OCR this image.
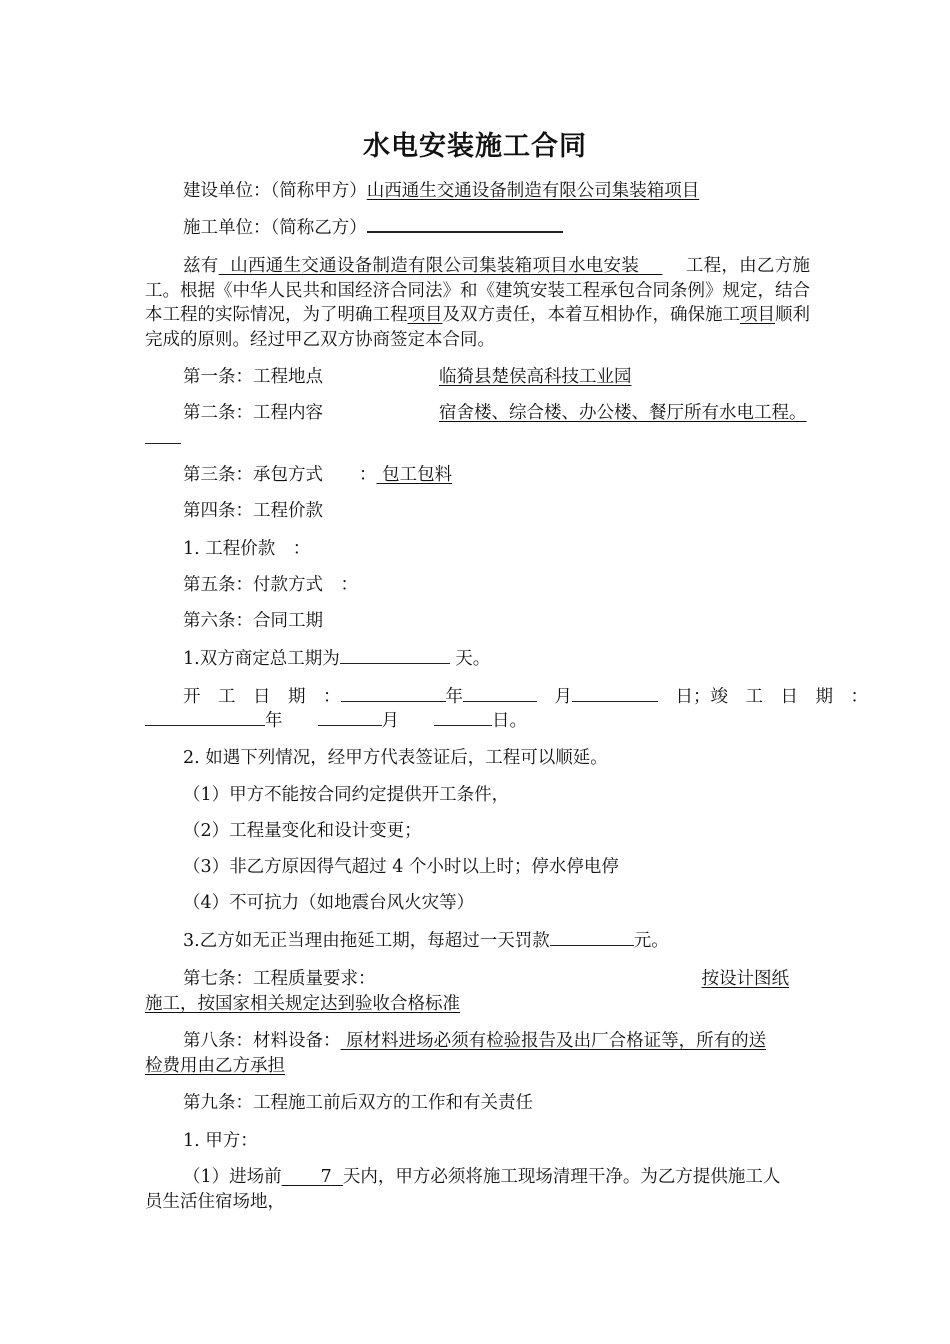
水电安装施工合同
建设单位：（简称甲方）山西通生交通设备制造有限公司集装箱项目
施工单位：（简称乙方）
兹有 山西通生交通设备制造有限公司集装箱项目水电安装	工程，由乙方施工。根据《中华人民共和国经济合同法》和《建筑安装工程承包合同条例》规定，结合本工程的实际情况，为了明确工程项目及双方责任，本着互相协作，确保施工项目顺利完成的原则。经过甲乙双方协商签定本合同。
第一条：工程地点	临猗县楚侯高科技工业园
第二条：工程内容	宿舍楼、综合楼、办公楼、餐厅所有水电工程。
第三条：承包方式 ： 包工包料
第四条：工程价款
1. 工程价款　：
第五条：付款方式　：
第六条：合同工期
1.双方商定总工期为	天。
开　工　日　期　：	年
　	月
　	日 ； 竣　工　日　期　：
年　　	月　　	日。
2. 如遇下列情况，经甲方代表签证后，工程可以顺延。
（1）甲方不能按合同约定提供开工条件，
（2）工程量变化和设计变更；
（3）非乙方原因得气超过 4 个小时以上时；停水停电停
（4）不可抗力（如地震台风火灾等）
3.乙方如无正当理由拖延工期，每超过一天罚款	元。
第七条：工程质量要求：	按设计图纸
施工，按国家相关规定达到验收合格标准
第八条：材料设备： 原材料进场必须有检验报告及出厂合格证等，所有的送
检费用由乙方承担
第九条：工程施工前后双方的工作和有关责任
1. 甲方：
（1）进场前 7 天内，甲方必须将施工现场清理干净。为乙方提供施工人
员生活住宿场地，
